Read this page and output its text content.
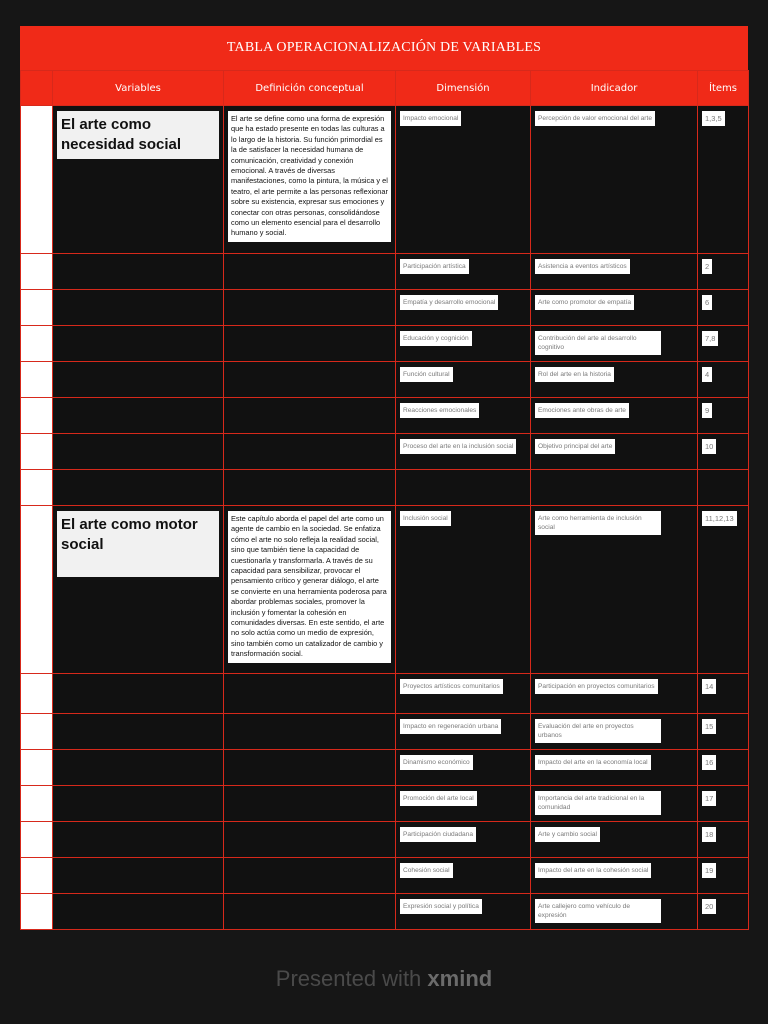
TABLA OPERACIONALIZACIÓN DE VARIABLES
	Variables	Definición conceptual	Dimensión	Indicador	Ítems

	El arte como necesidad social	El arte se define como una forma de expresión que ha estado presente en todas las culturas a lo largo de la historia. Su función primordial es la de satisfacer la necesidad humana de comunicación, creatividad y conexión emocional. A través de diversas manifestaciones, como la pintura, la música y el teatro, el arte permite a las personas reflexionar sobre su existencia, expresar sus emociones y conectar con otras personas, consolidándose como un elemento esencial para el desarrollo humano y social.	Impacto emocional	Percepción de valor emocional del arte	1,3,5
			Participación artística	Asistencia a eventos artísticos	2
			Empatía y desarrollo emocional	Arte como promotor de empatía	6
			Educación y cognición	Contribución del arte al desarrollo cognitivo	7,8
			Función cultural	Rol del arte en la historia	4
			Reacciones emocionales	Emociones ante obras de arte	9
			Proceso del arte en la inclusión social	Objetivo principal del arte	10

	El arte como motor social	Este capítulo aborda el papel del arte como un agente de cambio en la sociedad. Se enfatiza cómo el arte no solo refleja la realidad social, sino que también tiene la capacidad de cuestionarla y transformarla. A través de su capacidad para sensibilizar, provocar el pensamiento crítico y generar diálogo, el arte se convierte en una herramienta poderosa para abordar problemas sociales, promover la inclusión y fomentar la cohesión en comunidades diversas. En este sentido, el arte no solo actúa como un medio de expresión, sino también como un catalizador de cambio y transformación social.	Inclusión social	Arte como herramienta de inclusión social	11,12,13
			Proyectos artísticos comunitarios	Participación en proyectos comunitarios	14
			Impacto en regeneración urbana	Evaluación del arte en proyectos urbanos	15
			Dinamismo económico	Impacto del arte en la economía local	16
			Promoción del arte local	Importancia del arte tradicional en la comunidad	17
			Participación ciudadana	Arte y cambio social	18
			Cohesión social	Impacto del arte en la cohesión social	19
			Expresión social y política	Arte callejero como vehículo de expresión	20
Presented with xmind
